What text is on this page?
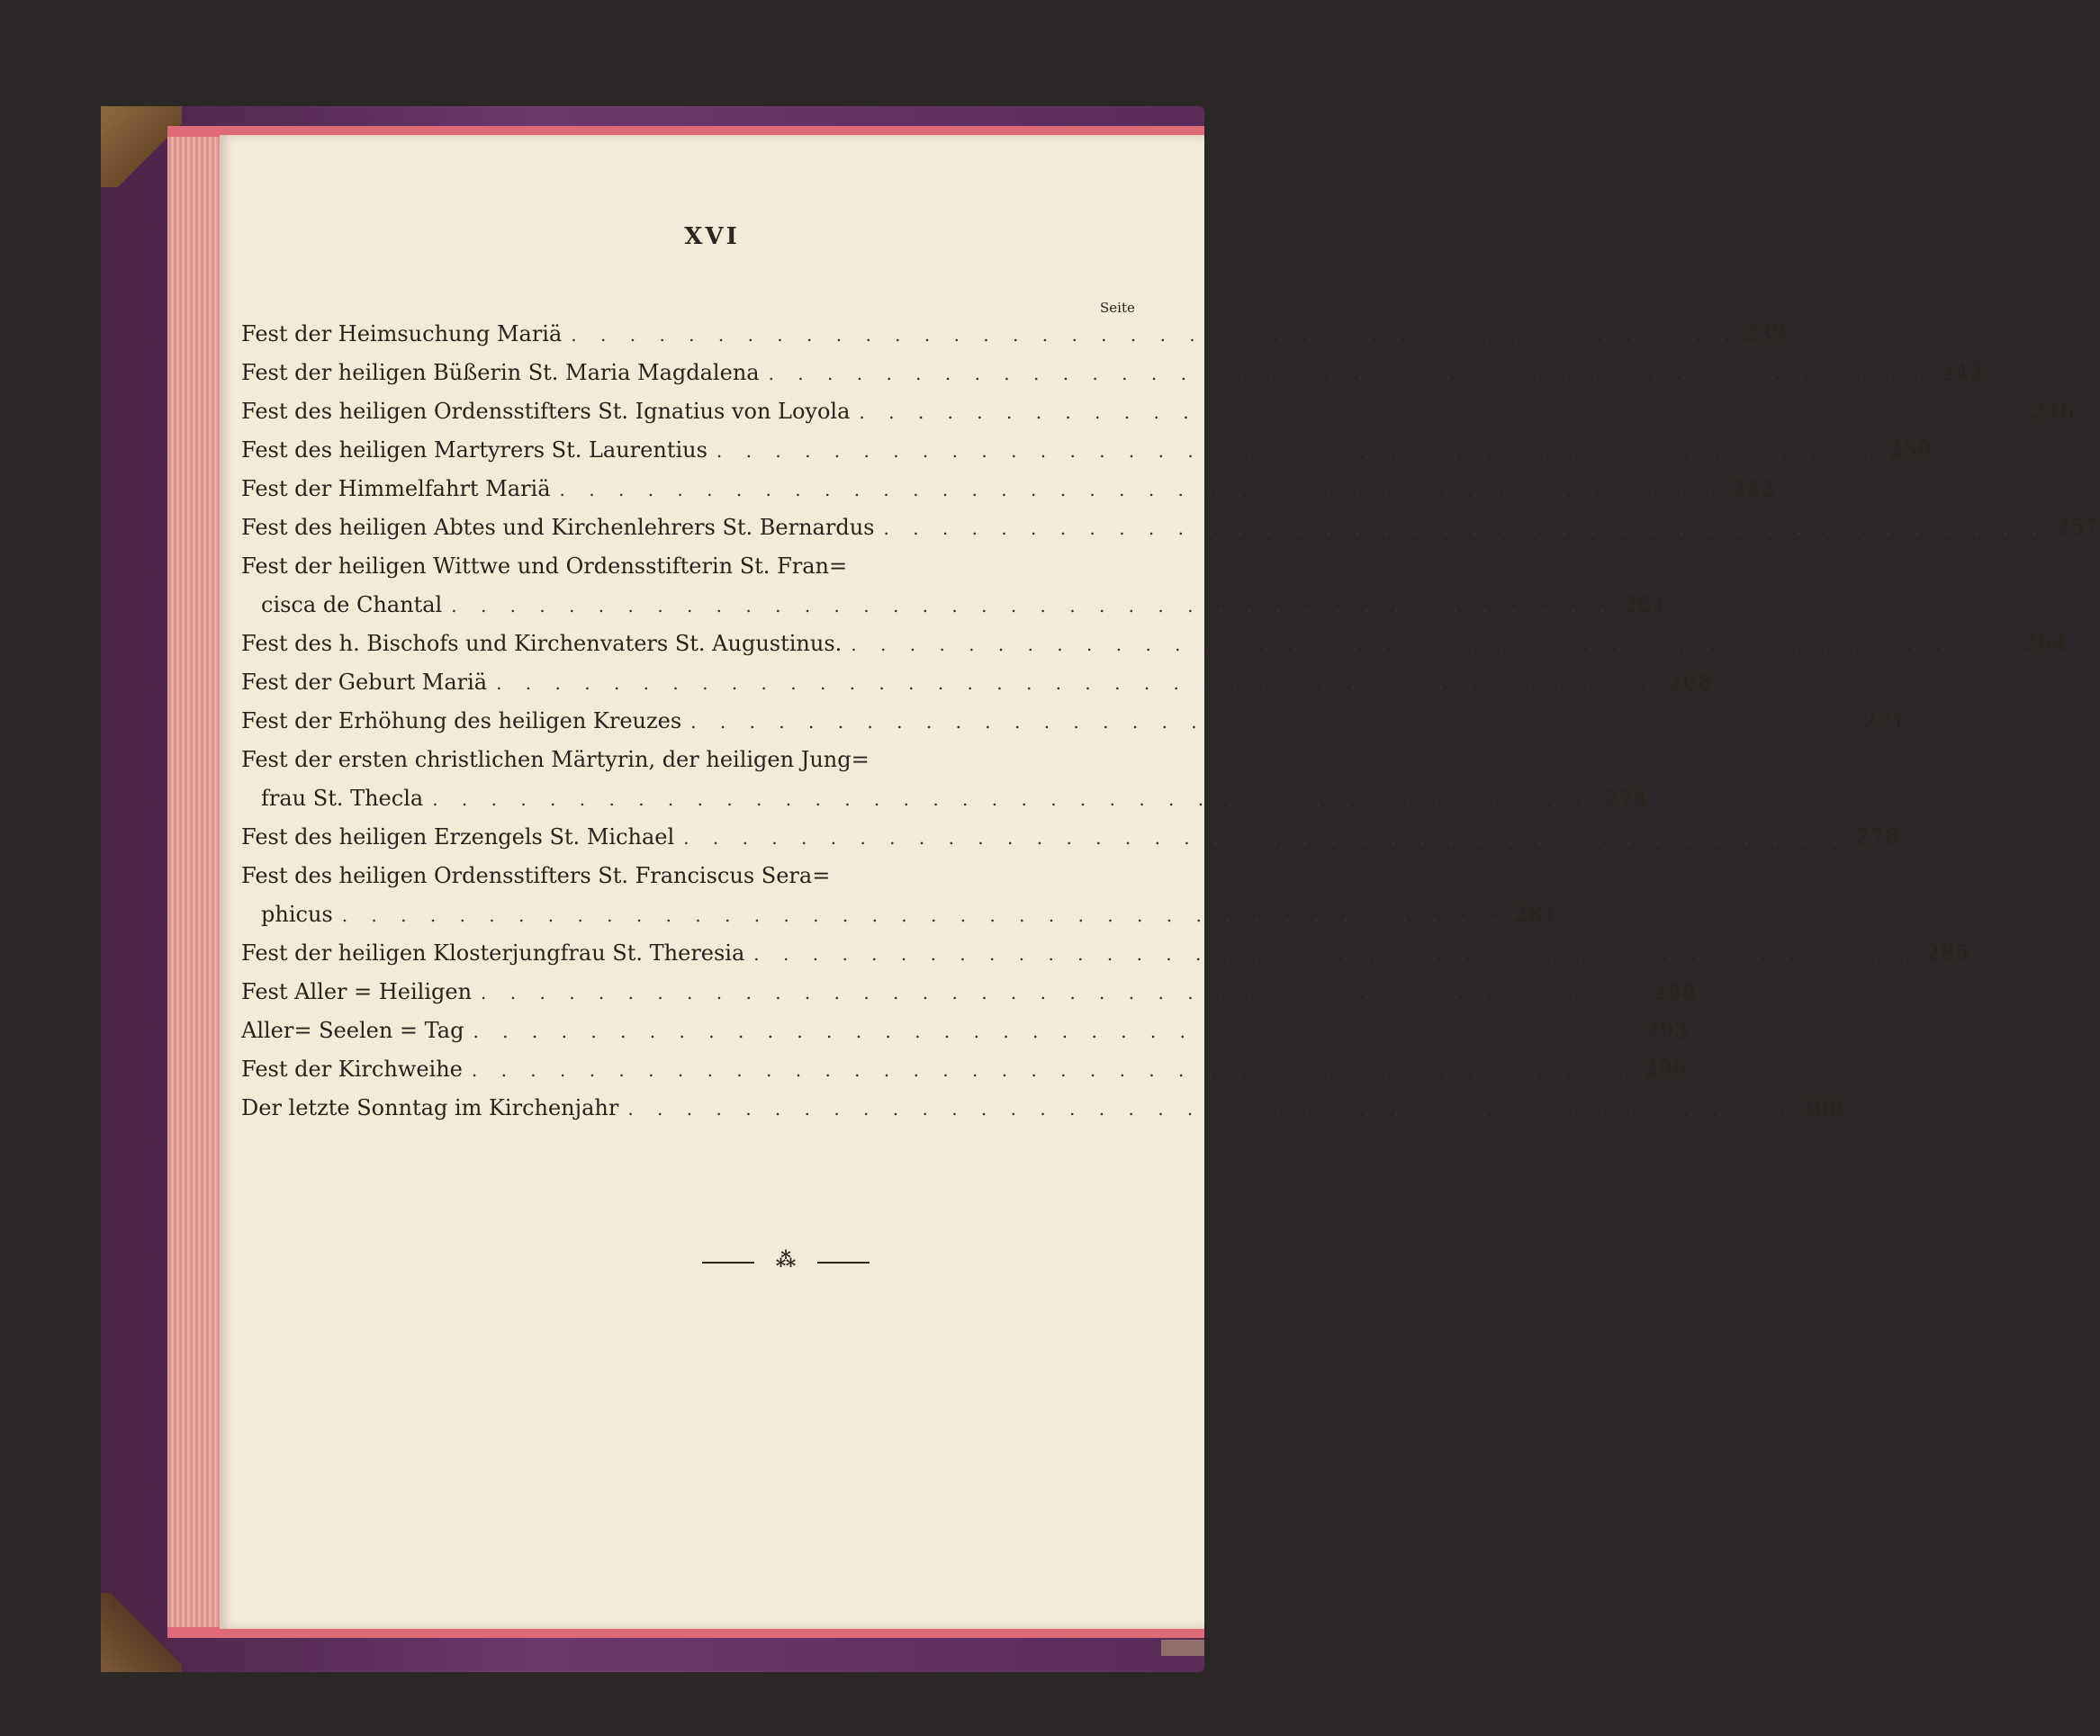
XVI
Seite
Fest der Heimsuchung Mariä . . . . . . . . . . . . . . . . . . . . . . . . . . . . . . . . . . . . . . . . 239
Fest der heiligen Büßerin St. Maria Magdalena . . . . . . . . . . . . . . . . . . . . . . . . . . . . . . . . . . . . . . . . 243
Fest des heiligen Ordensstifters St. Ignatius von Loyola . . . . . . . . . . . . . . . . . . . . . . . . . . . . . . . . . . . . . . . . 246
Fest des heiligen Martyrers St. Laurentius . . . . . . . . . . . . . . . . . . . . . . . . . . . . . . . . . . . . . . . . 250
Fest der Himmelfahrt Mariä . . . . . . . . . . . . . . . . . . . . . . . . . . . . . . . . . . . . . . . . 253
Fest des heiligen Abtes und Kirchenlehrers St. Bernardus . . . . . . . . . . . . . . . . . . . . . . . . . . . . . . . . . . . . . . . . 257
Fest der heiligen Wittwe und Ordensstifterin St. Fran=
cisca de Chantal . . . . . . . . . . . . . . . . . . . . . . . . . . . . . . . . . . . . . . . . 261
Fest des h. Bischofs und Kirchenvaters St. Augustinus. . . . . . . . . . . . . . . . . . . . . . . . . . . . . . . . . . . . . . . . . 264
Fest der Geburt Mariä . . . . . . . . . . . . . . . . . . . . . . . . . . . . . . . . . . . . . . . . 268
Fest der Erhöhung des heiligen Kreuzes . . . . . . . . . . . . . . . . . . . . . . . . . . . . . . . . . . . . . . . . 271
Fest der ersten christlichen Märtyrin, der heiligen Jung=
frau St. Thecla . . . . . . . . . . . . . . . . . . . . . . . . . . . . . . . . . . . . . . . . 274
Fest des heiligen Erzengels St. Michael . . . . . . . . . . . . . . . . . . . . . . . . . . . . . . . . . . . . . . . . 278
Fest des heiligen Ordensstifters St. Franciscus Sera=
phicus . . . . . . . . . . . . . . . . . . . . . . . . . . . . . . . . . . . . . . . . 281
Fest der heiligen Klosterjungfrau St. Theresia . . . . . . . . . . . . . . . . . . . . . . . . . . . . . . . . . . . . . . . . 285
Fest Aller = Heiligen . . . . . . . . . . . . . . . . . . . . . . . . . . . . . . . . . . . . . . . . 288
Aller= Seelen = Tag . . . . . . . . . . . . . . . . . . . . . . . . . . . . . . . . . . . . . . . . 293
Fest der Kirchweihe . . . . . . . . . . . . . . . . . . . . . . . . . . . . . . . . . . . . . . . . 296
Der letzte Sonntag im Kirchenjahr . . . . . . . . . . . . . . . . . . . . . . . . . . . . . . . . . . . . . . . . 300
⁂
